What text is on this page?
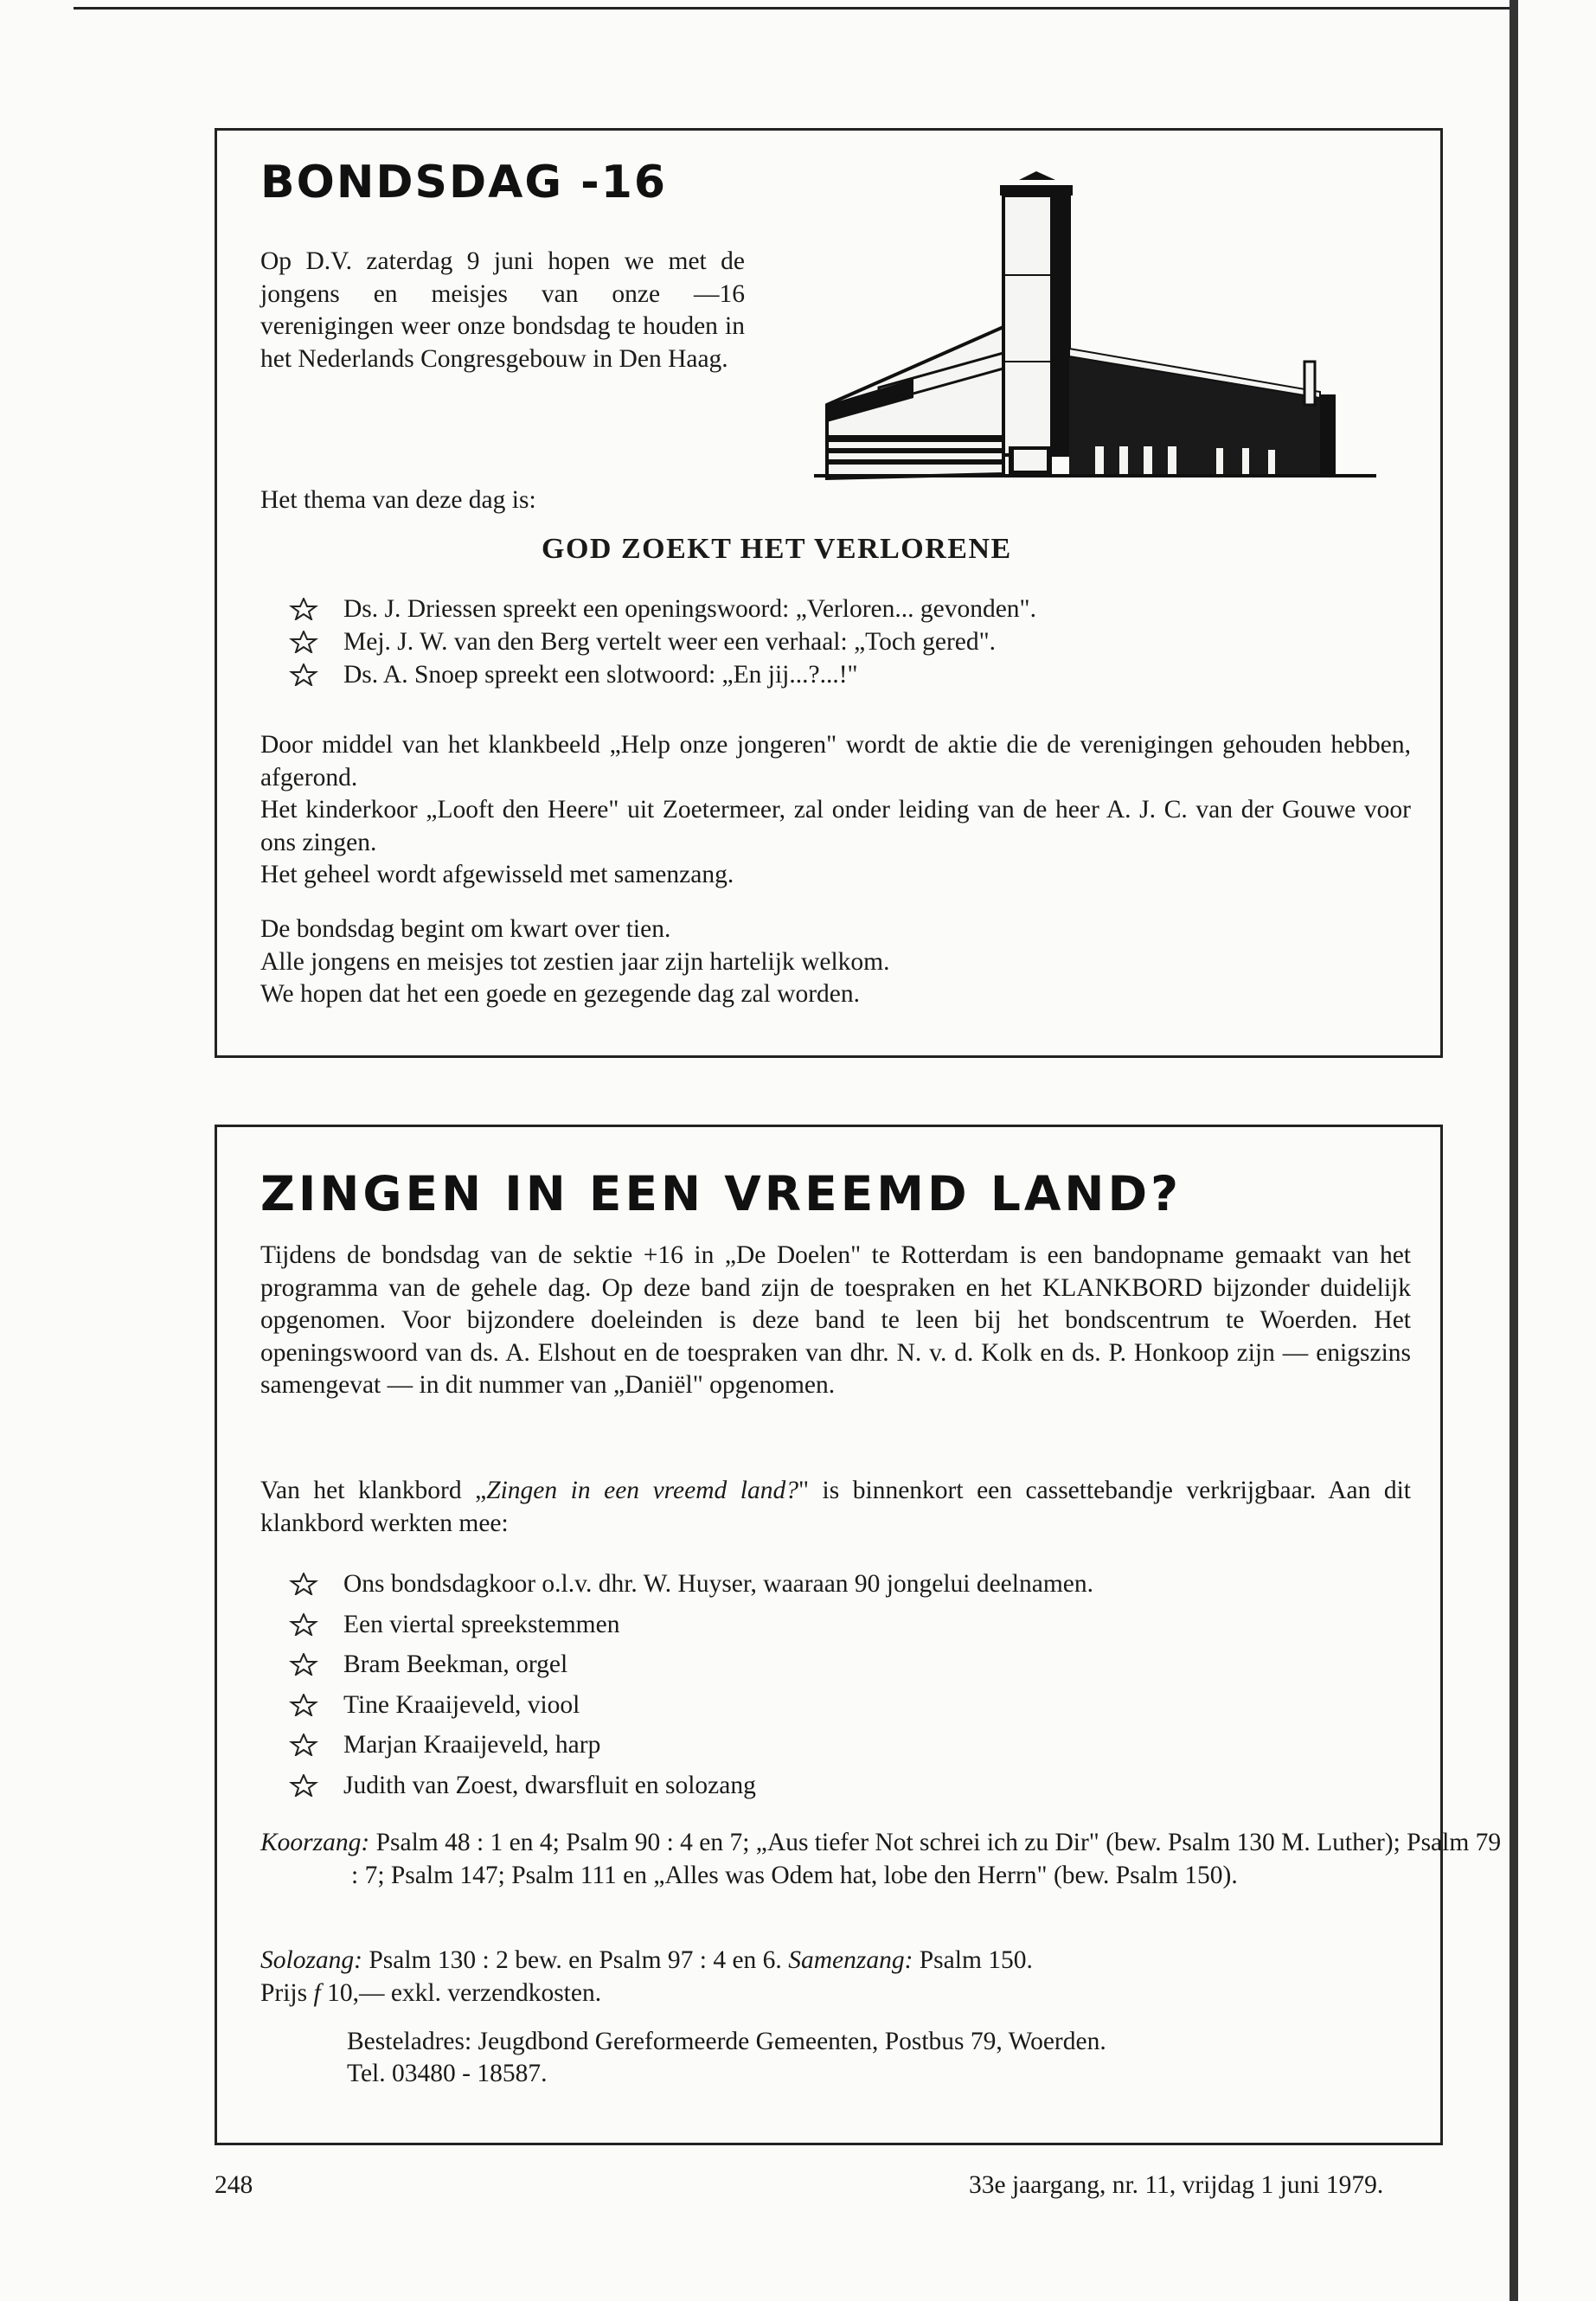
BONDSDAG -16

Op D.V. zaterdag 9 juni hopen we met de jongens en meisjes van onze —16 verenigingen weer onze bondsdag te houden in het Nederlands Congresgebouw in Den Haag.

Het thema van deze dag is:

GOD ZOEKT HET VERLORENE
Ds. J. Driessen spreekt een openingswoord: „Verloren... gevonden".
Mej. J. W. van den Berg vertelt weer een verhaal: „Toch gered".
Ds. A. Snoep spreekt een slotwoord: „En jij...?...!"
Door middel van het klankbeeld „Help onze jongeren" wordt de aktie die de verenigingen gehouden hebben, afgerond.
Het kinderkoor „Looft den Heere" uit Zoetermeer, zal onder leiding van de heer A. J. C. van der Gouwe voor ons zingen.
Het geheel wordt afgewisseld met samenzang.
De bondsdag begint om kwart over tien.
Alle jongens en meisjes tot zestien jaar zijn hartelijk welkom.
We hopen dat het een goede en gezegende dag zal worden.
ZINGEN IN EEN VREEMD LAND?

Tijdens de bondsdag van de sektie +16 in „De Doelen" te Rotterdam is een bandopname gemaakt van het programma van de gehele dag. Op deze band zijn de toespraken en het KLANKBORD bijzonder duidelijk opgenomen. Voor bijzondere doeleinden is deze band te leen bij het bondscentrum te Woerden. Het openingswoord van ds. A. Elshout en de toespraken van dhr. N. v. d. Kolk en ds. P. Honkoop zijn — enigszins samengevat — in dit nummer van „Daniël" opgenomen.

Van het klankbord „Zingen in een vreemd land?" is binnenkort een cassettebandje verkrijgbaar. Aan dit klankbord werkten mee:

Ons bondsdagkoor o.l.v. dhr. W. Huyser, waaraan 90 jongelui deelnamen.
Een viertal spreekstemmen
Bram Beekman, orgel
Tine Kraaijeveld, viool
Marjan Kraaijeveld, harp
Judith van Zoest, dwarsfluit en solozang

Koorzang: Psalm 48 : 1 en 4; Psalm 90 : 4 en 7; „Aus tiefer Not schrei ich zu Dir" (bew. Psalm 130 M. Luther); Psalm 79 : 7; Psalm 147; Psalm 111 en „Alles was Odem hat, lobe den Herrn" (bew. Psalm 150).

Solozang: Psalm 130 : 2 bew. en Psalm 97 : 4 en 6. Samenzang: Psalm 150.
Prijs f 10,— exkl. verzendkosten.

Besteladres: Jeugdbond Gereformeerde Gemeenten, Postbus 79, Woerden.

Tel. 03480 - 18587.

248	33e jaargang, nr. 11, vrijdag 1 juni 1979.
